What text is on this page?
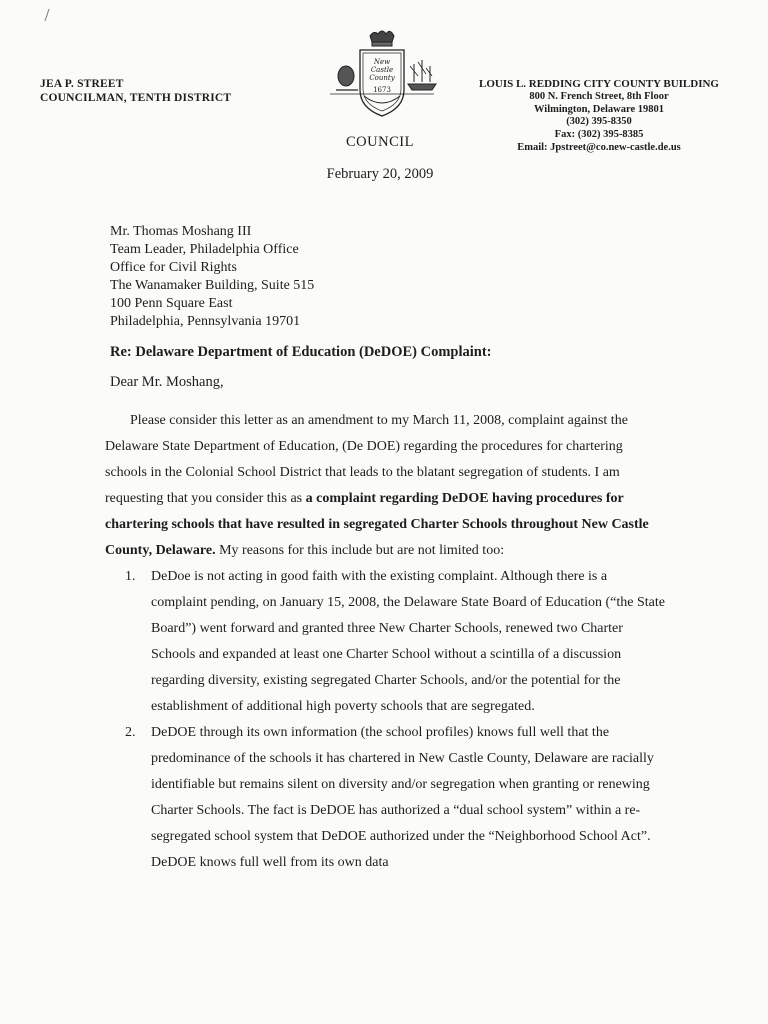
JEA P. STREET
COUNCILMAN, TENTH DISTRICT
New
Castle
County
1673	LOUIS L. REDDING CITY COUNTY BUILDING
800 N. French Street, 8th Floor
Wilmington, Delaware 19801
(302) 395-8350
Fax: (302) 395-8385
Email: Jpstreet@co.new-castle.de.us
COUNCIL
February 20, 2009
Mr. Thomas Moshang III
Team Leader, Philadelphia Office
Office for Civil Rights
The Wanamaker Building, Suite 515
100 Penn Square East
Philadelphia, Pennsylvania 19701
Re: Delaware Department of Education (DeDOE) Complaint:
Dear Mr. Moshang,

Please consider this letter as an amendment to my March 11, 2008, complaint against the Delaware State Department of Education, (De DOE) regarding the procedures for chartering schools in the Colonial School District that leads to the blatant segregation of students. I am requesting that you consider this as a complaint regarding DeDOE having procedures for chartering schools that have resulted in segregated Charter Schools throughout New Castle County, Delaware. My reasons for this include but are not limited too:

1. DeDoe is not acting in good faith with the existing complaint. Although there is a complaint pending, on January 15, 2008, the Delaware State Board of Education (“the State Board”) went forward and granted three New Charter Schools, renewed two Charter Schools and expanded at least one Charter School without a scintilla of a discussion regarding diversity, existing segregated Charter Schools, and/or the potential for the establishment of additional high poverty schools that are segregated.
2. DeDOE through its own information (the school profiles) knows full well that the predominance of the schools it has chartered in New Castle County, Delaware are racially identifiable but remains silent on diversity and/or segregation when granting or renewing Charter Schools. The fact is DeDOE has authorized a “dual school system” within a re-segregated school system that DeDOE authorized under the “Neighborhood School Act”. DeDOE knows full well from its own data
